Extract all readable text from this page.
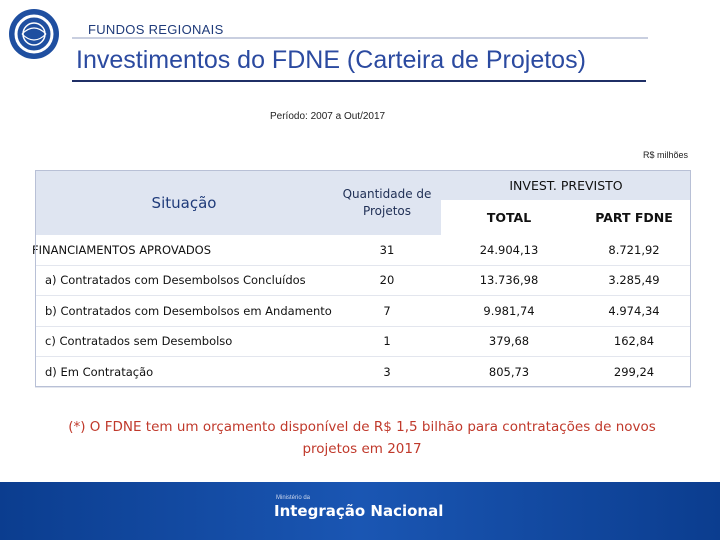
FUNDOS REGIONAIS
Investimentos do FDNE (Carteira de Projetos)
Período: 2007 a Out/2017
R$ milhões
Situação	Quantidade de Projetos	INVEST. PREVISTO
TOTAL	PART FDNE
FINANCIAMENTOS APROVADOS	31	24.904,13	8.721,92
a) Contratados com Desembolsos Concluídos	20	13.736,98	3.285,49
b) Contratados com Desembolsos em Andamento	7	9.981,74	4.974,34
c) Contratados sem Desembolso	1	379,68	162,84
d) Em Contratação	3	805,73	299,24
(*) O FDNE tem um orçamento disponível de R$ 1,5 bilhão para contratações de novos
projetos em 2017
Ministério da
Integração Nacional
